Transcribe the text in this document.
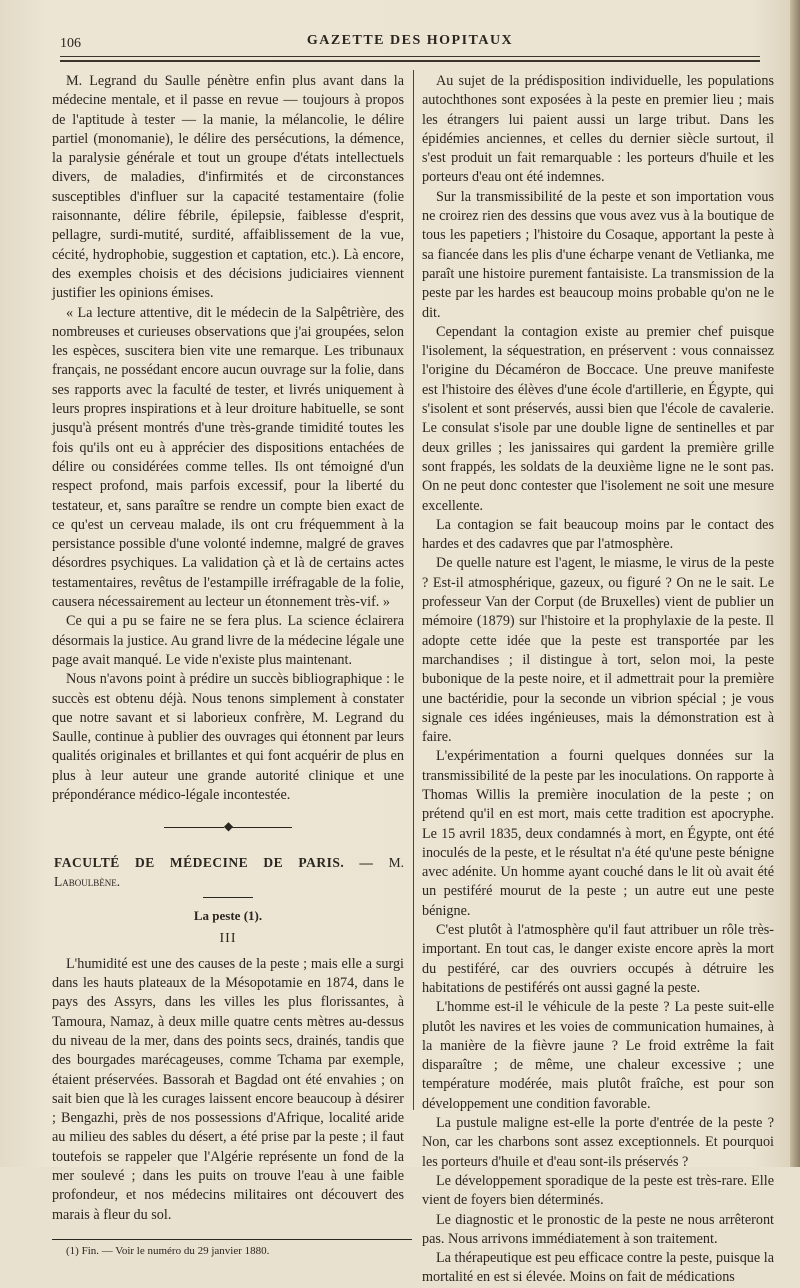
106	GAZETTE DES HOPITAUX

M. Legrand du Saulle pénètre enfin plus avant dans la médecine mentale, et il passe en revue — toujours à propos de l'aptitude à tester — la manie, la mélancolie, le délire partiel (monomanie), le délire des persécutions, la démence, la paralysie générale et tout un groupe d'états intellectuels divers, de maladies, d'infirmités et de circonstances susceptibles d'influer sur la capacité testamentaire (folie raisonnante, délire fébrile, épilepsie, faiblesse d'esprit, pellagre, surdi-mutité, surdité, affaiblissement de la vue, cécité, hydrophobie, suggestion et captation, etc.). Là encore, des exemples choisis et des décisions judiciaires viennent justifier les opinions émises.

« La lecture attentive, dit le médecin de la Salpêtrière, des nombreuses et curieuses observations que j'ai groupées, selon les espèces, suscitera bien vite une remarque. Les tribunaux français, ne possédant encore aucun ouvrage sur la folie, dans ses rapports avec la faculté de tester, et livrés uniquement à leurs propres inspirations et à leur droiture habituelle, se sont jusqu'à présent montrés d'une très-grande timidité toutes les fois qu'ils ont eu à apprécier des dispositions entachées de délire ou considérées comme telles. Ils ont témoigné d'un respect profond, mais parfois excessif, pour la liberté du testateur, et, sans paraître se rendre un compte bien exact de ce qu'est un cerveau malade, ils ont cru fréquemment à la persistance possible d'une volonté indemne, malgré de graves désordres psychiques. La validation çà et là de certains actes testamentaires, revêtus de l'estampille irréfragable de la folie, causera nécessairement au lecteur un étonnement très-vif. »

Ce qui a pu se faire ne se fera plus. La science éclairera désormais la justice. Au grand livre de la médecine légale une page avait manqué. Le vide n'existe plus maintenant.

Nous n'avons point à prédire un succès bibliographique : le succès est obtenu déjà. Nous tenons simplement à constater que notre savant et si laborieux confrère, M. Legrand du Saulle, continue à publier des ouvrages qui étonnent par leurs qualités originales et brillantes et qui font acquérir de plus en plus à leur auteur une grande autorité clinique et une prépondérance médico-légale incontestée.

◆
FACULTÉ DE MÉDECINE DE PARIS. — M. Laboulbène.
La peste (1).
III

L'humidité est une des causes de la peste ; mais elle a surgi dans les hauts plateaux de la Mésopotamie en 1874, dans le pays des Assyrs, dans les villes les plus florissantes, à Tamoura, Namaz, à deux mille quatre cents mètres au-dessus du niveau de la mer, dans des points secs, drainés, tandis que des bourgades marécageuses, comme Tchama par exemple, étaient préservées. Bassorah et Bagdad ont été envahies ; on sait bien que là les curages laissent encore beaucoup à désirer ; Bengazhi, près de nos possessions d'Afrique, localité aride au milieu des sables du désert, a été prise par la peste ; il faut toutefois se rappeler que l'Algérie représente un fond de la mer soulevé ; dans les puits on trouve l'eau à une faible profondeur, et nos médecins militaires ont découvert des marais à fleur du sol.

(1) Fin. — Voir le numéro du 29 janvier 1880.

Au sujet de la prédisposition individuelle, les populations autochthones sont exposées à la peste en premier lieu ; mais les étrangers lui paient aussi un large tribut. Dans les épidémies anciennes, et celles du dernier siècle surtout, il s'est produit un fait remarquable : les porteurs d'huile et les porteurs d'eau ont été indemnes.

Sur la transmissibilité de la peste et son importation vous ne croirez rien des dessins que vous avez vus à la boutique de tous les papetiers ; l'histoire du Cosaque, apportant la peste à sa fiancée dans les plis d'une écharpe venant de Vetlianka, me paraît une histoire purement fantaisiste. La transmission de la peste par les hardes est beaucoup moins probable qu'on ne le dit.

Cependant la contagion existe au premier chef puisque l'isolement, la séquestration, en préservent : vous connaissez l'origine du Décaméron de Boccace. Une preuve manifeste est l'histoire des élèves d'une école d'artillerie, en Égypte, qui s'isolent et sont préservés, aussi bien que l'école de cavalerie. Le consulat s'isole par une double ligne de sentinelles et par deux grilles ; les janissaires qui gardent la première grille sont frappés, les soldats de la deuxième ligne ne le sont pas. On ne peut donc contester que l'isolement ne soit une mesure excellente.

La contagion se fait beaucoup moins par le contact des hardes et des cadavres que par l'atmosphère.

De quelle nature est l'agent, le miasme, le virus de la peste ? Est-il atmosphérique, gazeux, ou figuré ? On ne le sait. Le professeur Van der Corput (de Bruxelles) vient de publier un mémoire (1879) sur l'histoire et la prophylaxie de la peste. Il adopte cette idée que la peste est transportée par les marchandises ; il distingue à tort, selon moi, la peste bubonique de la peste noire, et il admettrait pour la première une bactéridie, pour la seconde un vibrion spécial ; je vous signale ces idées ingénieuses, mais la démonstration est à faire.

L'expérimentation a fourni quelques données sur la transmissibilité de la peste par les inoculations. On rapporte à Thomas Willis la première inoculation de la peste ; on prétend qu'il en est mort, mais cette tradition est apocryphe. Le 15 avril 1835, deux condamnés à mort, en Égypte, ont été inoculés de la peste, et le résultat n'a été qu'une peste bénigne avec adénite. Un homme ayant couché dans le lit où avait été un pestiféré mourut de la peste ; un autre eut une peste bénigne.

C'est plutôt à l'atmosphère qu'il faut attribuer un rôle très-important. En tout cas, le danger existe encore après la mort du pestiféré, car des ouvriers occupés à détruire les habitations de pestiférés ont aussi gagné la peste.

L'homme est-il le véhicule de la peste ? La peste suit-elle plutôt les navires et les voies de communication humaines, à la manière de la fièvre jaune ? Le froid extrême la fait disparaître ; de même, une chaleur excessive ; une température modérée, mais plutôt fraîche, est pour son développement une condition favorable.

La pustule maligne est-elle la porte d'entrée de la peste ? Non, car les charbons sont assez exceptionnels. Et pourquoi les porteurs d'huile et d'eau sont-ils préservés ?

Le développement sporadique de la peste est très-rare. Elle vient de foyers bien déterminés.

Le diagnostic et le pronostic de la peste ne nous arrêteront pas. Nous arrivons immédiatement à son traitement.

La thérapeutique est peu efficace contre la peste, puisque la mortalité en est si élevée. Moins on fait de médications
